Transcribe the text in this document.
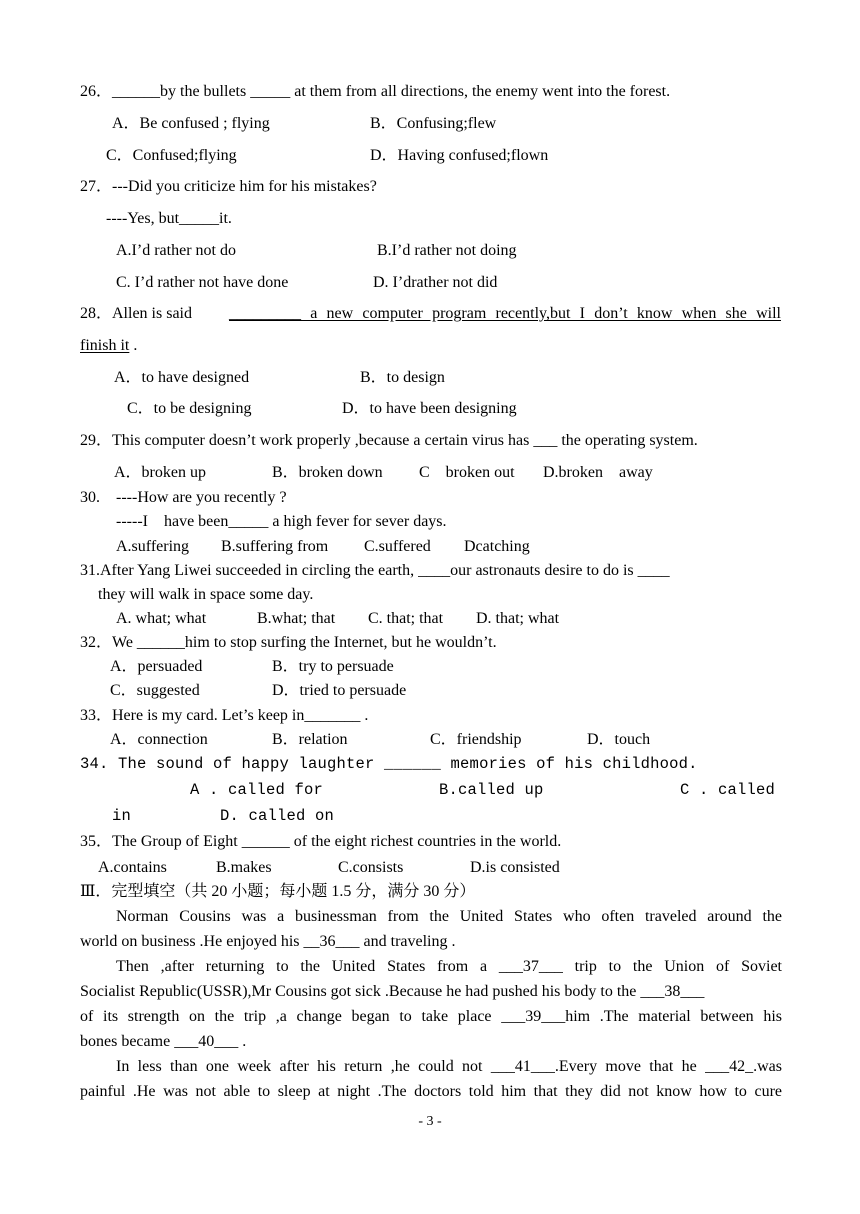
26．______by the bullets _____ at them from all directions, the enemy went into the forest.
A．Be confused ; flying	B．Confusing;flew
C．Confused;flying	D．Having confused;flown
27．---Did you criticize him for his mistakes?
----Yes, but_____it.
A.I’d rather not do	B.I’d rather not doing
C. I’d rather not have done	D. I’drather not did
28．Allen is said _________ a new computer program recently,but I don’t know when she will
finish it .
A．to have designed	B．to design
C．to be designing	D．to have been designing
29．This computer doesn’t work properly ,because a certain virus has ___ the operating system.
A．broken up	B．broken down C　broken out D.broken　away
30.　----How are you recently ?
-----I　have been_____ a high fever for sever days.
A.suffering B.suffering from C.suffered Dcatching
31.After Yang Liwei succeeded in circling the earth, ____our astronauts desire to do is ____
they will walk in space some day.
A. what; what	B.what; that C. that; that D. that; what
32．We ______him to stop surfing the Internet, but he wouldn’t.
A．persuaded	B．try to persuade
C．suggested	D．tried to persuade
33．Here is my card. Let’s keep in_______ .
A．connection	B．relation	C．friendship	D．touch
34. The sound of happy laughter ______ memories of his childhood.
A . called for	B.called up	C . called
in	D. called on
35．The Group of Eight ______ of the eight richest countries in the world.
A.contains	B.makes	C.consists	D.is consisted
Ⅲ．完型填空（共 20 小题；每小题 1.5 分，满分 30 分）
Norman Cousins was a businessman from the United States who often traveled around the
world on business .He enjoyed his __36___ and traveling .
Then ,after returning to the United States from a ___37___ trip to the Union of Soviet
Socialist Republic(USSR),Mr Cousins got sick .Because he had pushed his body to the ___38___
of its strength on the trip ,a change began to take place ___39___him .The material between his
bones became ___40___ .
In less than one week after his return ,he could not ___41___.Every move that he ___42_.was
painful .He was not able to sleep at night .The doctors told him that they did not know how to cure
- 3 -
